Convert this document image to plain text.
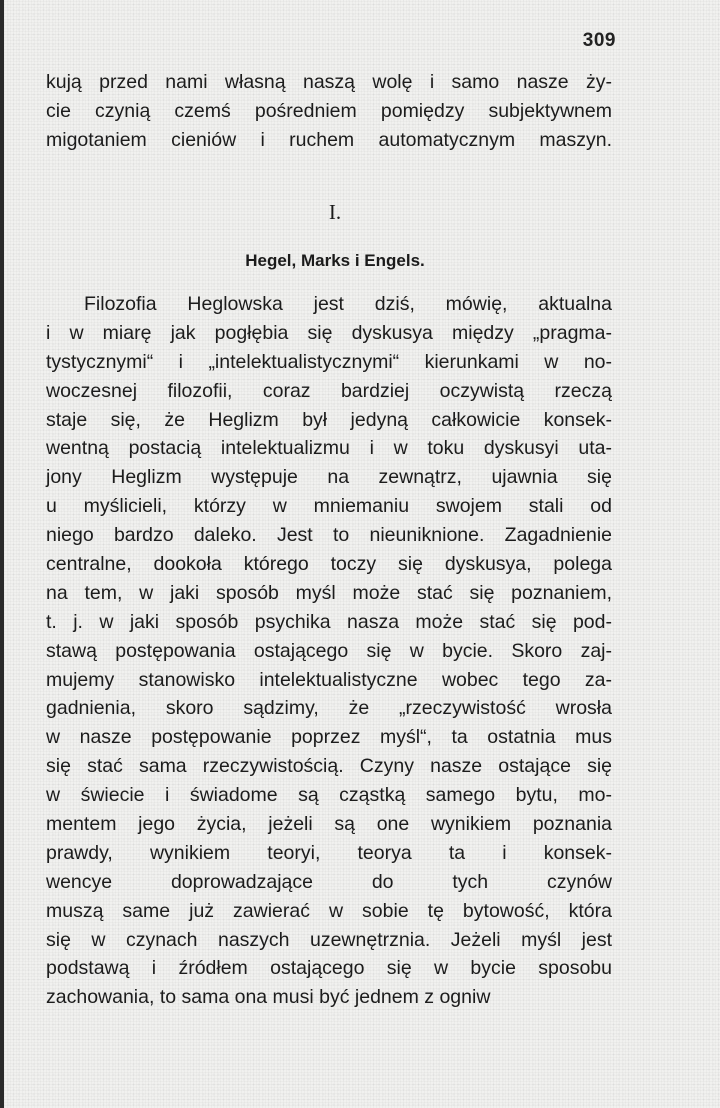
309
kują przed nami własną naszą wolę i samo nasze ży-
cie czynią czemś pośredniem pomiędzy subjektywnem
migotaniem cieniów i ruchem automatycznym maszyn.
I.
Hegel, Marks i Engels.
Filozofia Heglowska jest dziś, mówię, aktualna
i w miarę jak pogłębia się dyskusya między „pragma-
tystycznymi“ i „intelektualistycznymi“ kierunkami w no-
woczesnej filozofii, coraz bardziej oczywistą rzeczą
staje się, że Heglizm był jedyną całkowicie konsek-
wentną postacią intelektualizmu i w toku dyskusyi uta-
jony Heglizm występuje na zewnątrz, ujawnia się
u myślicieli, którzy w mniemaniu swojem stali od
niego bardzo daleko. Jest to nieuniknione. Zagadnienie
centralne, dookoła którego toczy się dyskusya, polega
na tem, w jaki sposób myśl może stać się poznaniem,
t. j. w jaki sposób psychika nasza może stać się pod-
stawą postępowania ostającego się w bycie. Skoro zaj-
mujemy stanowisko intelektualistyczne wobec tego za-
gadnienia, skoro sądzimy, że „rzeczywistość wrosła
w nasze postępowanie poprzez myśl“, ta ostatnia mus
się stać sama rzeczywistością. Czyny nasze ostające się
w świecie i świadome są cząstką samego bytu, mo-
mentem jego życia, jeżeli są one wynikiem poznania
prawdy, wynikiem teoryi, teorya ta i konsek-
wencye doprowadzające do tych czynów
muszą same już zawierać w sobie tę bytowość, która
się w czynach naszych uzewnętrznia. Jeżeli myśl jest
podstawą i źródłem ostającego się w bycie sposobu
zachowania, to sama ona musi być jednem z ogniw
